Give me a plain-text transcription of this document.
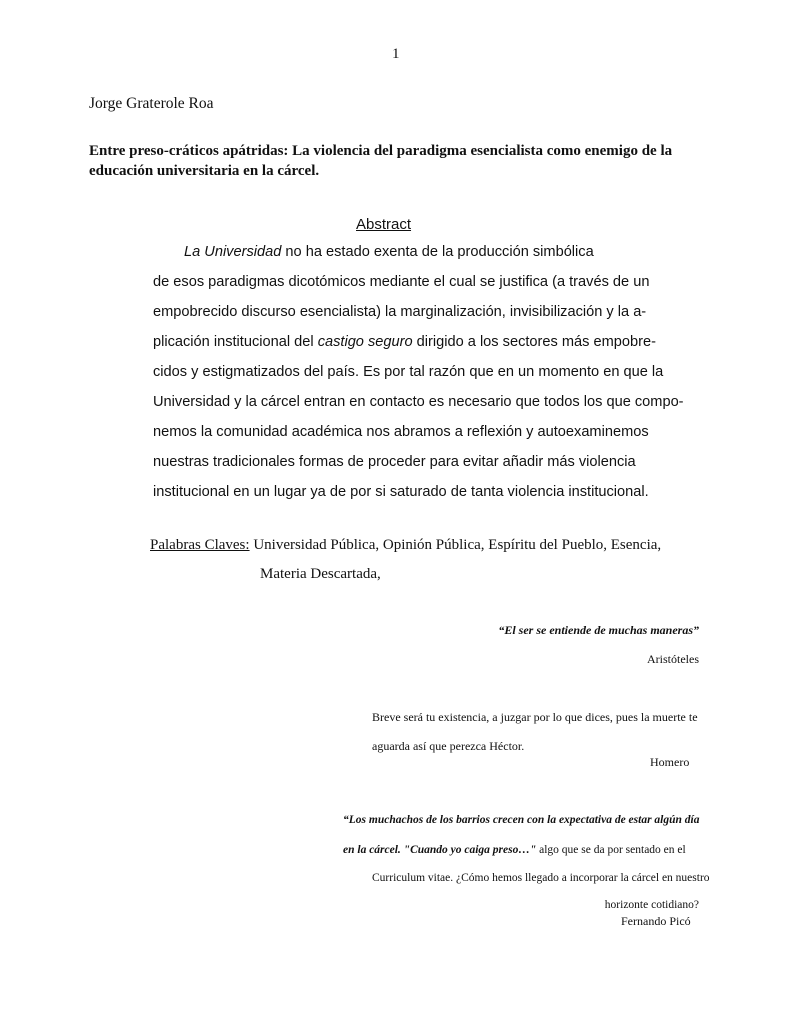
1
Jorge Graterole Roa
Entre preso-cráticos apátridas: La violencia del paradigma esencialista como enemigo de la
educación universitaria en la cárcel.
Abstract
La Universidad no ha estado exenta de la producción simbólica
de esos paradigmas dicotómicos mediante el cual se justifica (a través de un
empobrecido discurso esencialista) la marginalización, invisibilización y la a-
plicación institucional del castigo seguro dirigido a los sectores más empobre-
cidos y estigmatizados del país. Es por tal razón que en un momento en que la
Universidad y la cárcel entran en contacto es necesario que todos los que compo-
nemos la comunidad académica nos abramos a reflexión y autoexaminemos
nuestras tradicionales formas de proceder para evitar añadir más violencia
institucional en un lugar ya de por si saturado de tanta violencia institucional.
Palabras Claves: Universidad Pública, Opinión Pública, Espíritu del Pueblo, Esencia,
Materia Descartada,
“El ser se entiende de muchas maneras”
Aristóteles
Breve será tu existencia, a juzgar por lo que dices, pues la muerte te
aguarda así que perezca Héctor.
Homero
“Los muchachos de los barrios crecen con la expectativa de estar algún día
en la cárcel. "Cuando yo caiga preso…" algo que se da por sentado en el
Curriculum vitae. ¿Cómo hemos llegado a incorporar la cárcel en nuestro
horizonte cotidiano?
Fernando Picó
